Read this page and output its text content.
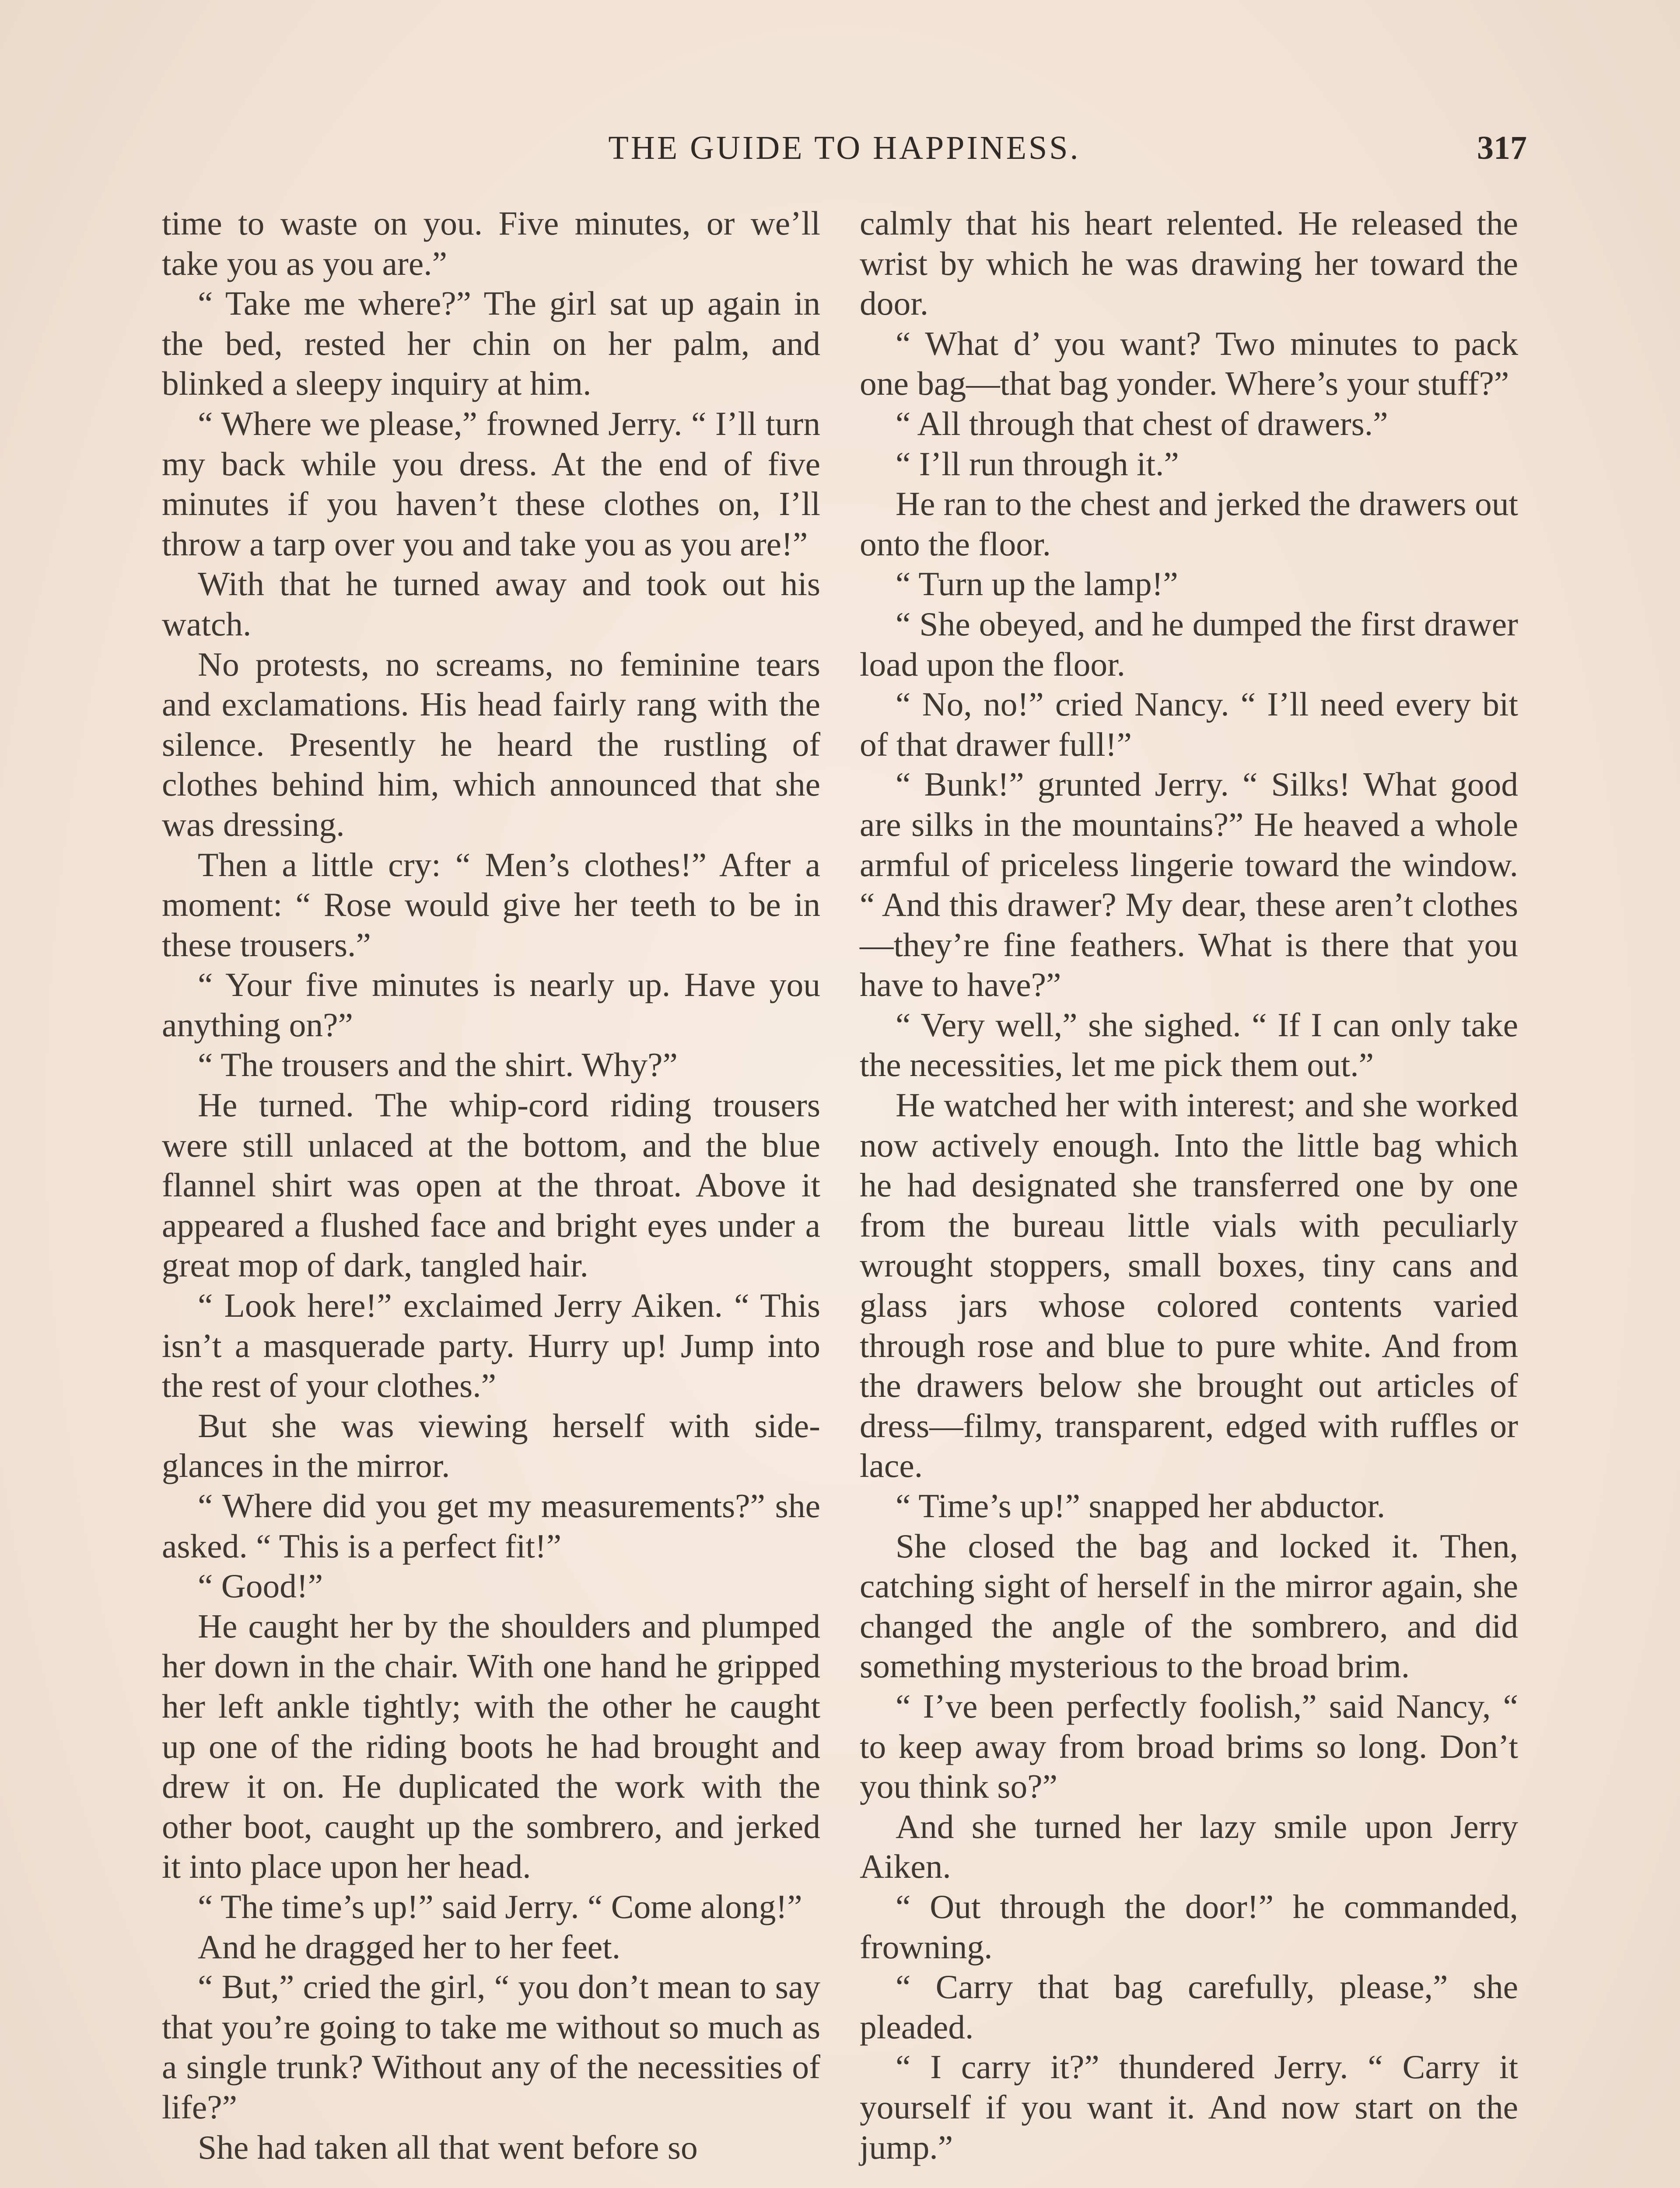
THE GUIDE TO HAPPINESS.	317

time to waste on you. Five minutes, or we’ll take you as you are.”

“ Take me where?” The girl sat up again in the bed, rested her chin on her palm, and blinked a sleepy inquiry at him.

“ Where we please,” frowned Jerry. “ I’ll turn my back while you dress. At the end of five minutes if you haven’t these clothes on, I’ll throw a tarp over you and take you as you are!”

With that he turned away and took out his watch.

No protests, no screams, no feminine tears and exclamations. His head fairly rang with the silence. Presently he heard the rustling of clothes behind him, which announced that she was dressing.

Then a little cry: “ Men’s clothes!” After a moment: “ Rose would give her teeth to be in these trousers.”

“ Your five minutes is nearly up. Have you anything on?”

“ The trousers and the shirt. Why?”

He turned. The whip-cord riding trousers were still unlaced at the bottom, and the blue flannel shirt was open at the throat. Above it appeared a flushed face and bright eyes under a great mop of dark, tangled hair.

“ Look here!” exclaimed Jerry Aiken. “ This isn’t a masquerade party. Hurry up! Jump into the rest of your clothes.”

But she was viewing herself with side-glances in the mirror.

“ Where did you get my measurements?” she asked. “ This is a perfect fit!”

“ Good!”

He caught her by the shoulders and plumped her down in the chair. With one hand he gripped her left ankle tightly; with the other he caught up one of the riding boots he had brought and drew it on. He duplicated the work with the other boot, caught up the sombrero, and jerked it into place upon her head.

“ The time’s up!” said Jerry. “ Come along!”

And he dragged her to her feet.

“ But,” cried the girl, “ you don’t mean to say that you’re going to take me without so much as a single trunk? Without any of the necessities of life?”

She had taken all that went before so

calmly that his heart relented. He released the wrist by which he was drawing her toward the door.

“ What d’ you want? Two minutes to pack one bag—that bag yonder. Where’s your stuff?”

“ All through that chest of drawers.”

“ I’ll run through it.”

He ran to the chest and jerked the drawers out onto the floor.

“ Turn up the lamp!”

“ She obeyed, and he dumped the first drawer load upon the floor.

“ No, no!” cried Nancy. “ I’ll need every bit of that drawer full!”

“ Bunk!” grunted Jerry. “ Silks! What good are silks in the mountains?” He heaved a whole armful of priceless lingerie toward the window. “ And this drawer? My dear, these aren’t clothes—they’re fine feathers. What is there that you have to have?”

“ Very well,” she sighed. “ If I can only take the necessities, let me pick them out.”

He watched her with interest; and she worked now actively enough. Into the little bag which he had designated she transferred one by one from the bureau little vials with peculiarly wrought stoppers, small boxes, tiny cans and glass jars whose colored contents varied through rose and blue to pure white. And from the drawers below she brought out articles of dress—filmy, transparent, edged with ruffles or lace.

“ Time’s up!” snapped her abductor.

She closed the bag and locked it. Then, catching sight of herself in the mirror again, she changed the angle of the sombrero, and did something mysterious to the broad brim.

“ I’ve been perfectly foolish,” said Nancy, “ to keep away from broad brims so long. Don’t you think so?”

And she turned her lazy smile upon Jerry Aiken.

“ Out through the door!” he commanded, frowning.

“ Carry that bag carefully, please,” she pleaded.

“ I carry it?” thundered Jerry. “ Carry it yourself if you want it. And now start on the jump.”
